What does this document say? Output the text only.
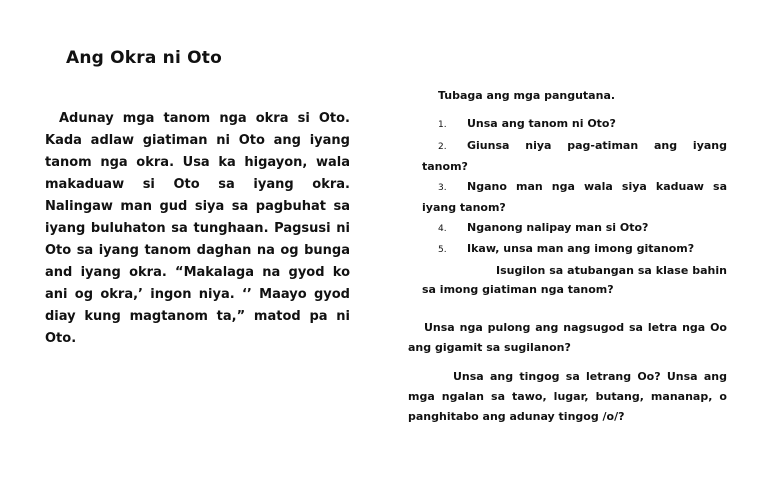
Ang Okra ni Oto

Adunay mga tanom nga okra si Oto. Kada adlaw giatiman ni Oto ang iyang tanom nga okra. Usa ka higayon, wala makaduaw si Oto sa iyang okra. Nalingaw man gud siya sa pagbuhat sa iyang buluhaton sa tunghaan. Pagsusi ni Oto sa iyang tanom daghan na og bunga and iyang okra. “Makalaga na gyod ko ani og okra,’ ingon niya. ‘’ Maayo gyod diay kung magtanom ta,” matod pa ni Oto.

Tubaga ang mga pangutana.

1. Unsa ang tanom ni Oto?
2. Giunsa niya pag-atiman ang iyang tanom?
3. Ngano man nga wala siya kaduaw sa iyang tanom?
4. Nganong nalipay man si Oto?
5. Ikaw, unsa man ang imong gitanom?

Isugilon sa atubangan sa klase bahin sa imong giatiman nga tanom?

Unsa nga pulong ang nagsugod sa letra nga Oo ang gigamit sa sugilanon?

Unsa ang tingog sa letrang Oo? Unsa ang mga ngalan sa tawo, lugar, butang, mananap, o panghitabo ang adunay tingog /o/?
